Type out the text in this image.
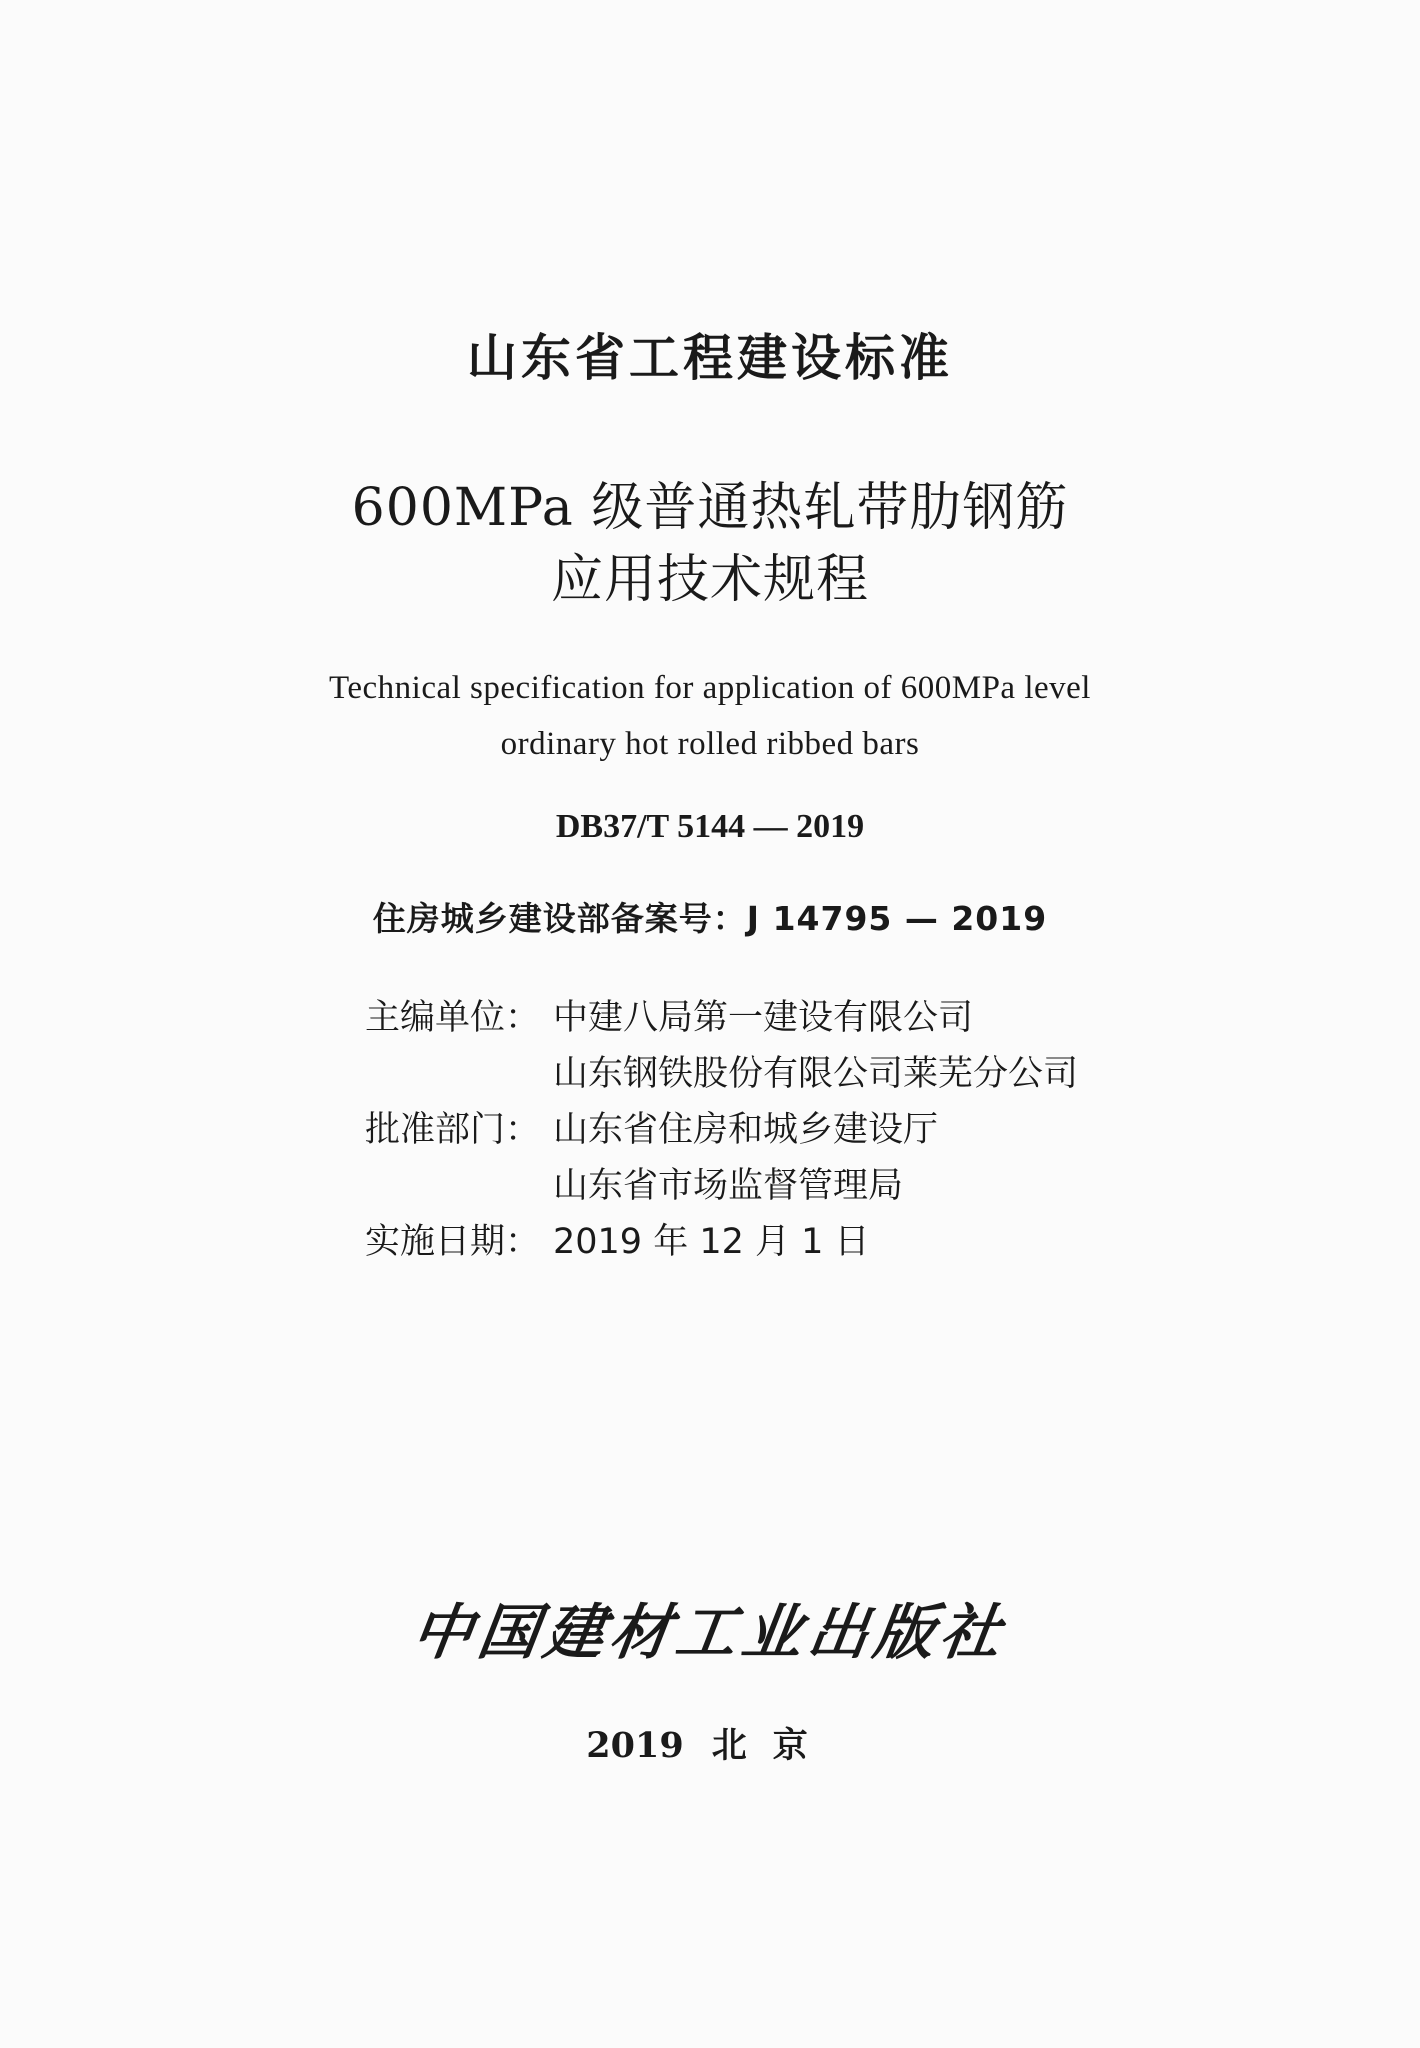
山东省工程建设标准
600MPa 级普通热轧带肋钢筋
应用技术规程
Technical specification for application of 600MPa level
ordinary hot rolled ribbed bars
DB37/T 5144 — 2019
住房城乡建设部备案号：J 14795 — 2019
主编单位： 中建八局第一建设有限公司
山东钢铁股份有限公司莱芜分公司
批准部门： 山东省住房和城乡建设厅
山东省市场监督管理局
实施日期： 2019 年 12 月 1 日
中国建材工业出版社
2019 北京
